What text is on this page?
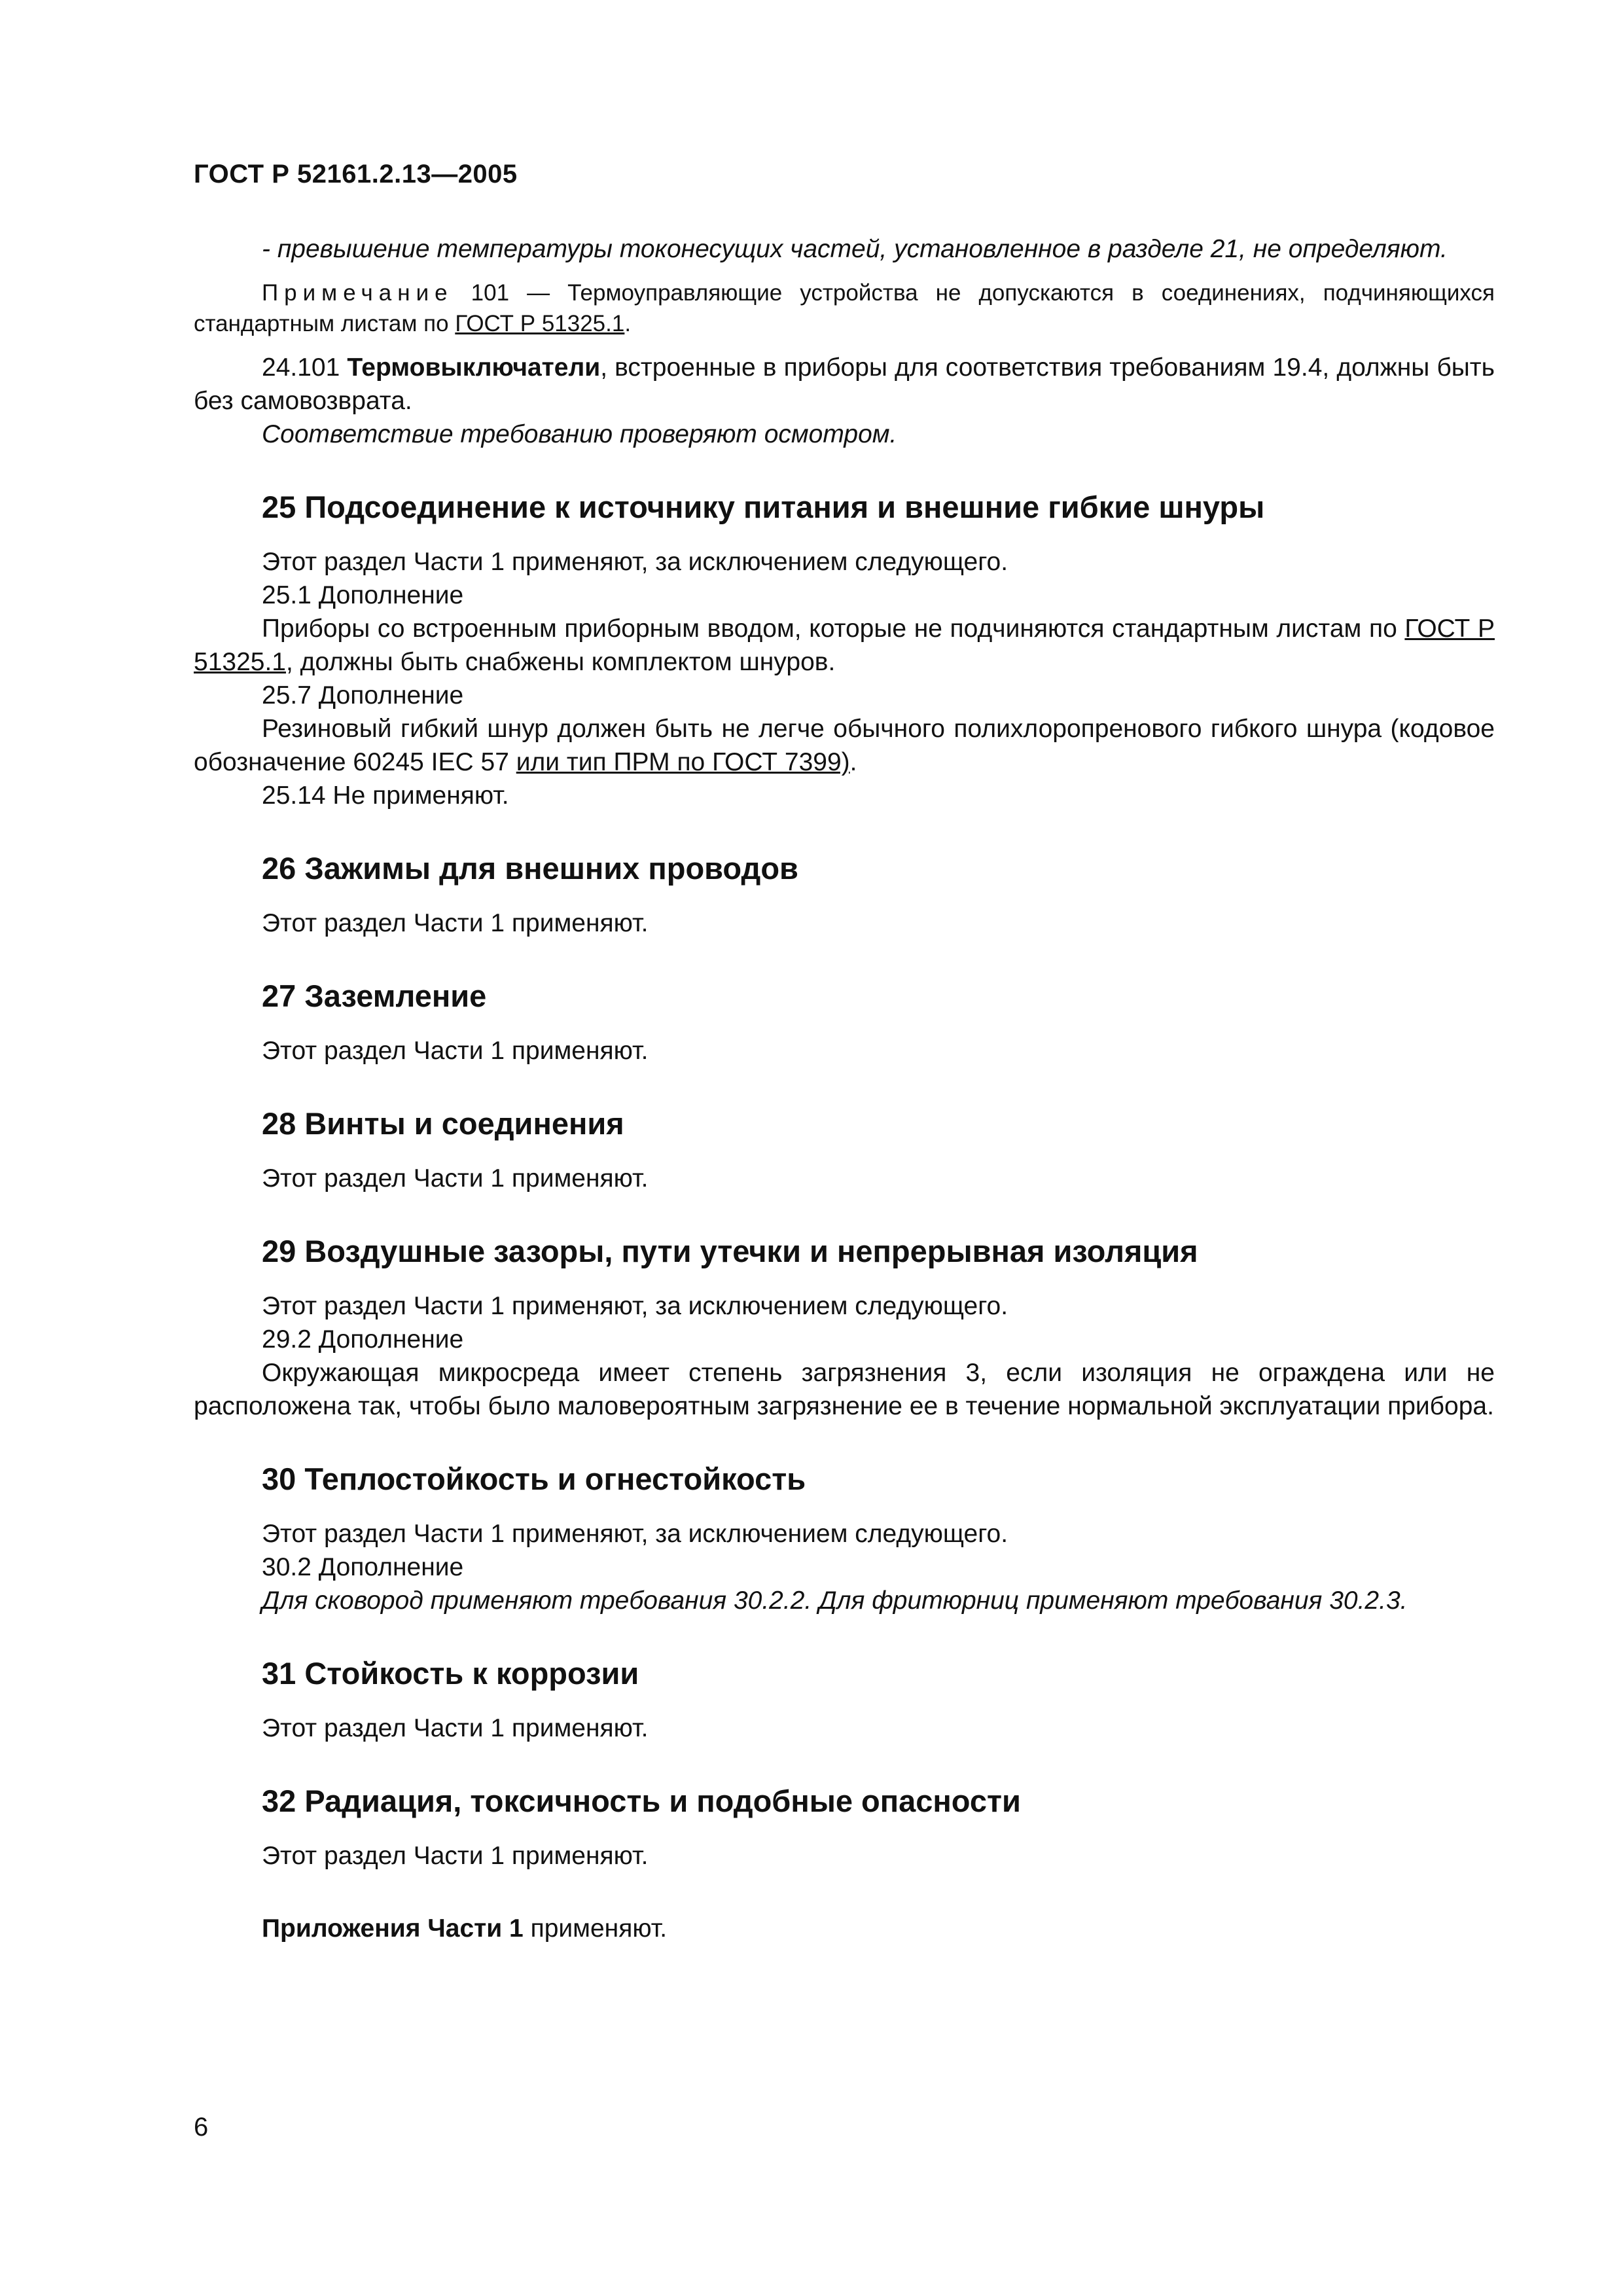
ГОСТ Р 52161.2.13—2005

- превышение температуры токонесущих частей, установленное в разделе 21, не определяют.

Примечание 101 — Термоуправляющие устройства не допускаются в соединениях, подчиняющихся стандартным листам по ГОСТ Р 51325.1.

24.101 Термовыключатели, встроенные в приборы для соответствия требованиям 19.4, должны быть без самовозврата.

Соответствие требованию проверяют осмотром.

25 Подсоединение к источнику питания и внешние гибкие шнуры

Этот раздел Части 1 применяют, за исключением следующего.

25.1 Дополнение

Приборы со встроенным приборным вводом, которые не подчиняются стандартным листам по ГОСТ Р 51325.1, должны быть снабжены комплектом шнуров.

25.7 Дополнение

Резиновый гибкий шнур должен быть не легче обычного полихлоропренового гибкого шнура (кодовое обозначение 60245 IEC 57 или тип ПРМ по ГОСТ 7399).

25.14 Не применяют.

26 Зажимы для внешних проводов

Этот раздел Части 1 применяют.

27 Заземление

Этот раздел Части 1 применяют.

28 Винты и соединения

Этот раздел Части 1 применяют.

29 Воздушные зазоры, пути утечки и непрерывная изоляция

Этот раздел Части 1 применяют, за исключением следующего.

29.2 Дополнение

Окружающая микросреда имеет степень загрязнения 3, если изоляция не ограждена или не расположена так, чтобы было маловероятным загрязнение ее в течение нормальной эксплуатации прибора.

30 Теплостойкость и огнестойкость

Этот раздел Части 1 применяют, за исключением следующего.

30.2 Дополнение

Для сковород применяют требования 30.2.2. Для фритюрниц применяют требования 30.2.3.

31 Стойкость к коррозии

Этот раздел Части 1 применяют.

32 Радиация, токсичность и подобные опасности

Этот раздел Части 1 применяют.

Приложения Части 1 применяют.

6
